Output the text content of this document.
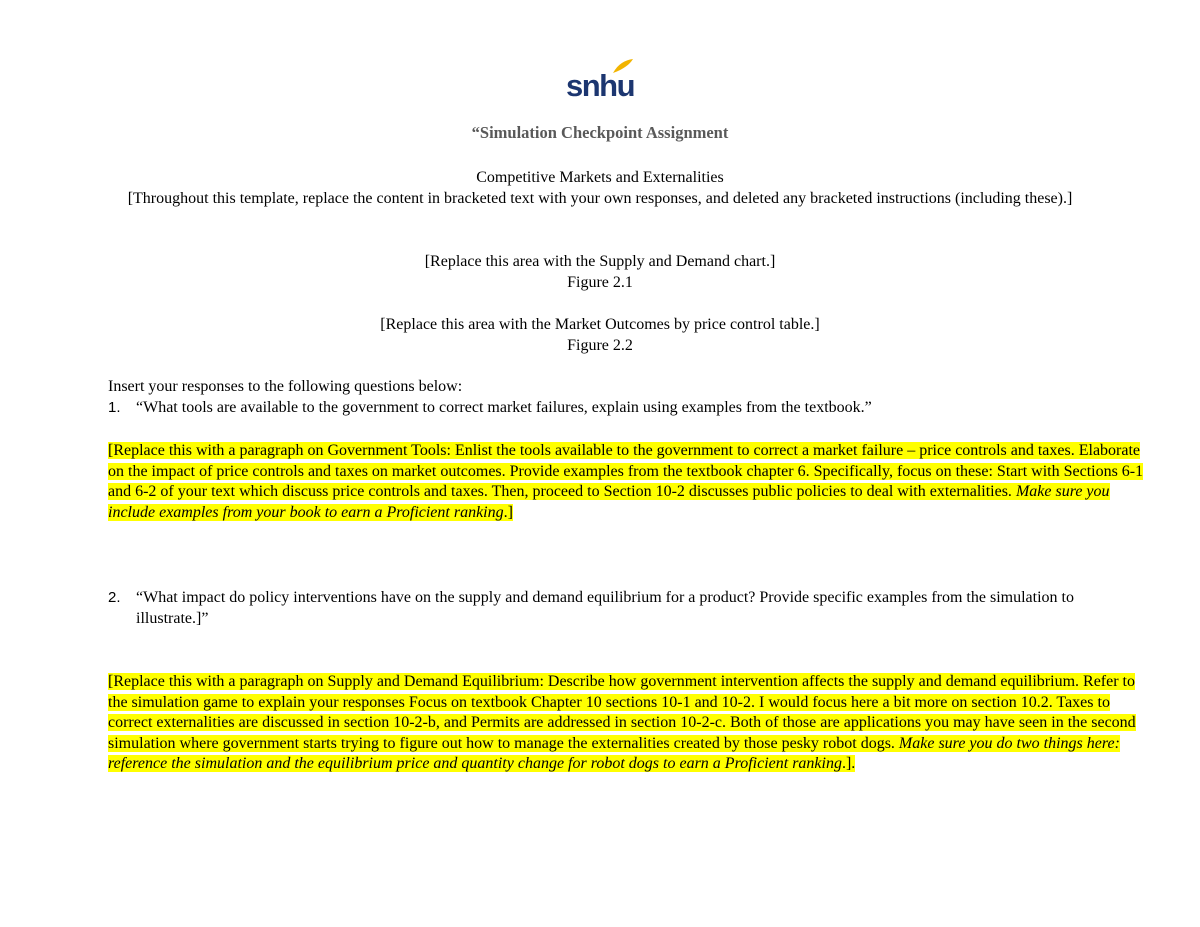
snhu
“Simulation Checkpoint Assignment
Competitive Markets and Externalities
[Throughout this template, replace the content in bracketed text with your own responses, and deleted any bracketed instructions (including these).]
[Replace this area with the Supply and Demand chart.]
Figure 2.1
[Replace this area with the Market Outcomes by price control table.]
Figure 2.2
Insert your responses to the following questions below:
1. “What tools are available to the government to correct market failures, explain using examples from the textbook.”
[Replace this with a paragraph on Government Tools: Enlist the tools available to the government to correct a market failure – price controls and taxes. Elaborate on the impact of price controls and taxes on market outcomes. Provide examples from the textbook chapter 6. Specifically, focus on these: Start with Sections 6-1 and 6-2 of your text which discuss price controls and taxes. Then, proceed to Section 10-2 discusses public policies to deal with externalities. Make sure you include examples from your book to earn a Proficient ranking.]
2. “What impact do policy interventions have on the supply and demand equilibrium for a product? Provide specific examples from the simulation to illustrate.]”
[Replace this with a paragraph on Supply and Demand Equilibrium: Describe how government intervention affects the supply and demand equilibrium. Refer to the simulation game to explain your responses Focus on textbook Chapter 10 sections 10-1 and 10-2. I would focus here a bit more on section 10.2. Taxes to correct externalities are discussed in section 10-2-b, and Permits are addressed in section 10-2-c. Both of those are applications you may have seen in the second simulation where government starts trying to figure out how to manage the externalities created by those pesky robot dogs. Make sure you do two things here: reference the simulation and the equilibrium price and quantity change for robot dogs to earn a Proficient ranking.].
